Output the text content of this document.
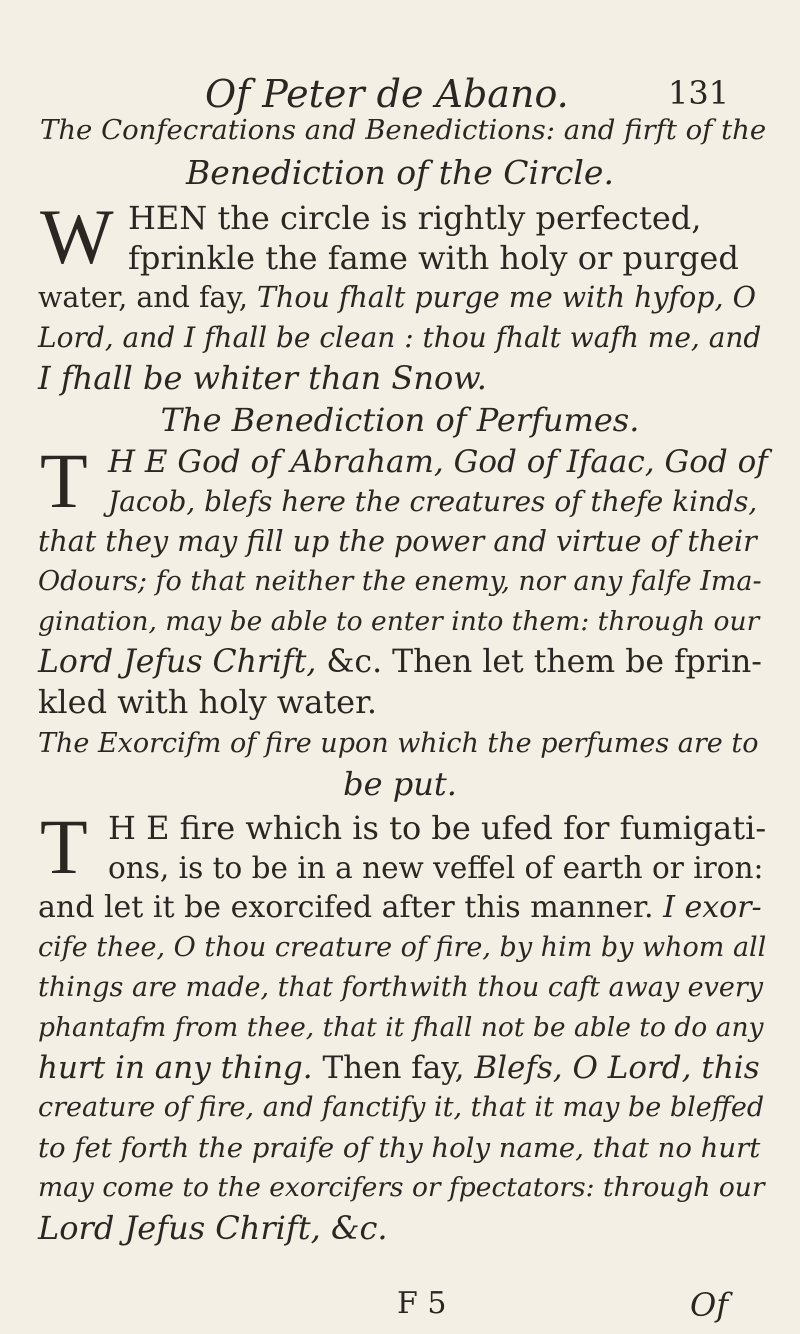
Of Peter de Abano.	131
The Confecrations and Benedictions: and firft of the
Benediction of the Circle.
W HEN the circle is rightly perfected,
fprinkle the fame with holy or purged
water, and fay, Thou fhalt purge me with hyfop, O
Lord, and I fhall be clean : thou fhalt wafh me, and
I fhall be whiter than Snow.
The Benediction of Perfumes.
T H E God of Abraham, God of Ifaac, God of
Jacob, blefs here the creatures of thefe kinds,
that they may fill up the power and virtue of their
Odours; fo that neither the enemy, nor any falfe Ima-
gination, may be able to enter into them: through our
Lord Jefus Chrift, &c. Then let them be fprin-
kled with holy water.
The Exorcifm of fire upon which the perfumes are to
be put.
T H E fire which is to be ufed for fumigati-
ons, is to be in a new veffel of earth or iron:
and let it be exorcifed after this manner. I exor-
cife thee, O thou creature of fire, by him by whom all
things are made, that forthwith thou caft away every
phantafm from thee, that it fhall not be able to do any
hurt in any thing. Then fay, Blefs, O Lord, this
creature of fire, and fanctify it, that it may be bleffed
to fet forth the praife of thy holy name, that no hurt
may come to the exorcifers or fpectators: through our
Lord Jefus Chrift, &c.
F 5	Of
